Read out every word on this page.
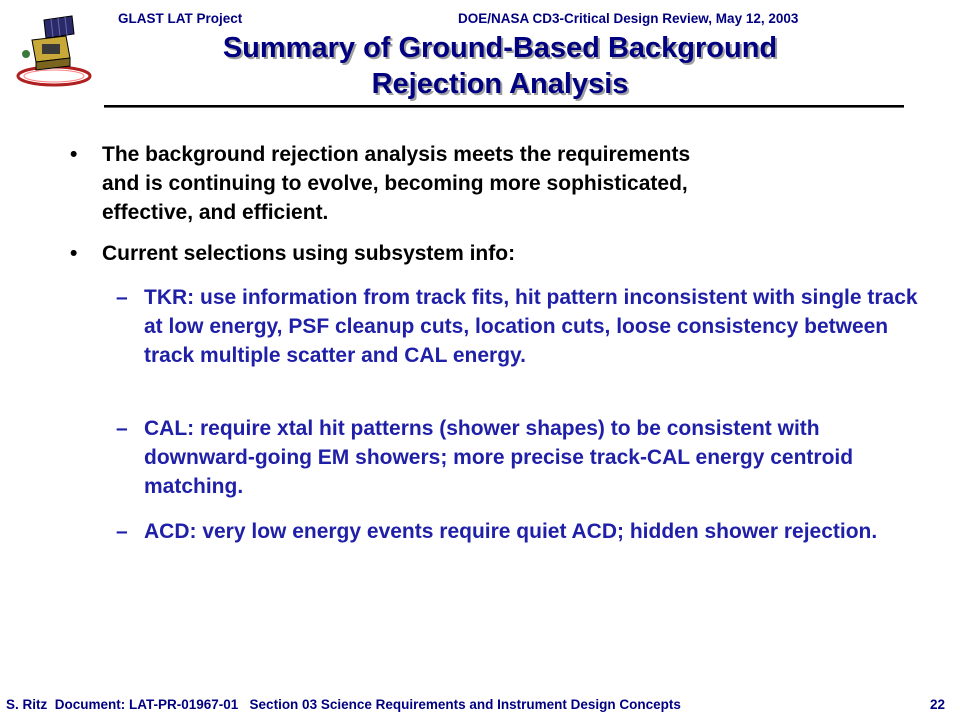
GLAST LAT Project	DOE/NASA CD3-Critical Design Review, May 12, 2003
Summary of Ground-Based Background
Rejection Analysis
• The background rejection analysis meets the requirements and is continuing to evolve, becoming more sophisticated, effective, and efficient.
• Current selections using subsystem info:
– TKR: use information from track fits, hit pattern inconsistent with single track at low energy, PSF cleanup cuts, location cuts, loose consistency between track multiple scatter and CAL energy.
– CAL: require xtal hit patterns (shower shapes) to be consistent with downward-going EM showers; more precise track-CAL energy centroid matching.
– ACD: very low energy events require quiet ACD; hidden shower rejection.
S. Ritz  Document: LAT-PR-01967-01   Section 03 Science Requirements and Instrument Design Concepts	22
